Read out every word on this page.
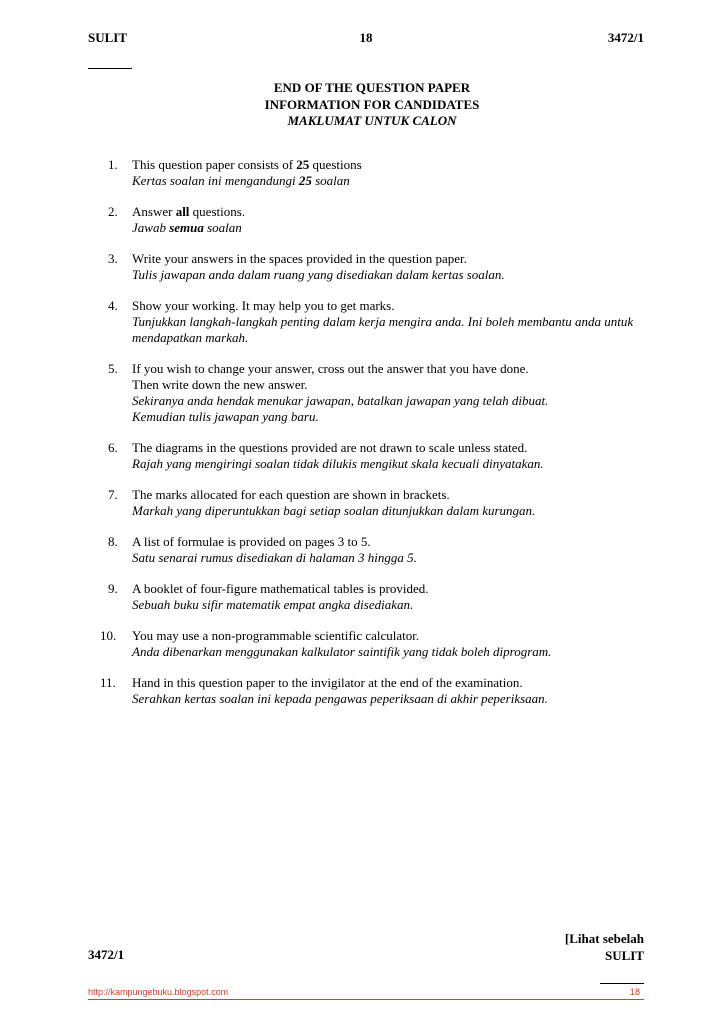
SULIT	18	3472/1
END OF THE QUESTION PAPER
INFORMATION FOR CANDIDATES
MAKLUMAT UNTUK CALON
1.	This question paper consists of 25 questions
Kertas soalan ini mengandungi 25 soalan
2.	Answer all questions.
Jawab semua soalan
3.	Write your answers in the spaces provided in the question paper.
Tulis jawapan anda dalam ruang yang disediakan dalam kertas soalan.
4.	Show your working. It may help you to get marks.
Tunjukkan langkah-langkah penting dalam kerja mengira anda. Ini boleh membantu anda untuk
mendapatkan markah.
5.	If you wish to change your answer, cross out the answer that you have done.
Then write down the new answer.
Sekiranya anda hendak menukar jawapan, batalkan jawapan yang telah dibuat.
Kemudian tulis jawapan yang baru.
6.	The diagrams in the questions provided are not drawn to scale unless stated.
Rajah yang mengiringi soalan tidak dilukis mengikut skala kecuali dinyatakan.
7.	The marks allocated for each question are shown in brackets.
Markah yang diperuntukkan bagi setiap soalan ditunjukkan dalam kurungan.
8.	A list of formulae is provided on pages 3 to 5.
Satu senarai rumus disediakan di halaman 3 hingga 5.
9.	A booklet of four-figure mathematical tables is provided.
Sebuah buku sifir matematik empat angka disediakan.
10.	You may use a non-programmable scientific calculator.
Anda dibenarkan menggunakan kalkulator saintifik yang tidak boleh diprogram.
11.	Hand in this question paper to the invigilator at the end of the examination.
Serahkan kertas soalan ini kepada pengawas peperiksaan di akhir peperiksaan.
[Lihat sebelah
SULIT
3472/1
http://kampungebuku.blogspot.com	18
